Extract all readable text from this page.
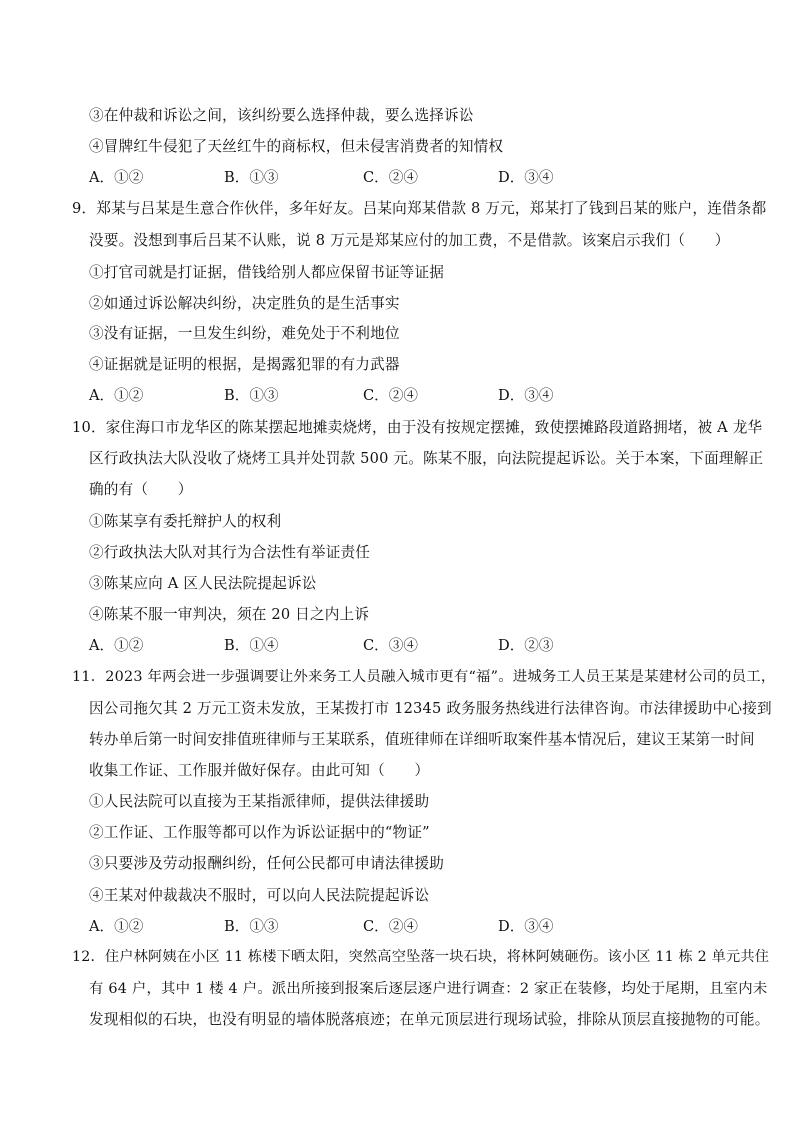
③在仲裁和诉讼之间，该纠纷要么选择仲裁，要么选择诉讼
④冒牌红牛侵犯了天丝红牛的商标权，但未侵害消费者的知情权
A．①②	B．①③	C．②④	D．③④
9．郑某与吕某是生意合作伙伴，多年好友。吕某向郑某借款 8 万元，郑某打了钱到吕某的账户，连借条都
没要。没想到事后吕某不认账，说 8 万元是郑某应付的加工费，不是借款。该案启示我们（　　）
①打官司就是打证据，借钱给别人都应保留书证等证据
②如通过诉讼解决纠纷，决定胜负的是生活事实
③没有证据，一旦发生纠纷，难免处于不利地位
④证据就是证明的根据，是揭露犯罪的有力武器
A．①②	B．①③	C．②④	D．③④
10．家住海口市龙华区的陈某摆起地摊卖烧烤，由于没有按规定摆摊，致使摆摊路段道路拥堵，被 A 龙华
区行政执法大队没收了烧烤工具并处罚款 500 元。陈某不服，向法院提起诉讼。关于本案，下面理解正
确的有（　　）
①陈某享有委托辩护人的权利
②行政执法大队对其行为合法性有举证责任
③陈某应向 A 区人民法院提起诉讼
④陈某不服一审判决，须在 20 日之内上诉
A．①②	B．①④	C．③④	D．②③
11．2023 年两会进一步强调要让外来务工人员融入城市更有“福”。进城务工人员王某是某建材公司的员工，
因公司拖欠其 2 万元工资未发放，王某拨打市 12345 政务服务热线进行法律咨询。市法律援助中心接到
转办单后第一时间安排值班律师与王某联系，值班律师在详细听取案件基本情况后，建议王某第一时间
收集工作证、工作服并做好保存。由此可知（　　）
①人民法院可以直接为王某指派律师，提供法律援助
②工作证、工作服等都可以作为诉讼证据中的“物证”
③只要涉及劳动报酬纠纷，任何公民都可申请法律援助
④王某对仲裁裁决不服时，可以向人民法院提起诉讼
A．①②	B．①③	C．②④	D．③④
12．住户林阿姨在小区 11 栋楼下晒太阳，突然高空坠落一块石块，将林阿姨砸伤。该小区 11 栋 2 单元共住
有 64 户，其中 1 楼 4 户。派出所接到报案后逐层逐户进行调查：2 家正在装修，均处于尾期，且室内未
发现相似的石块，也没有明显的墙体脱落痕迹；在单元顶层进行现场试验，排除从顶层直接抛物的可能。
